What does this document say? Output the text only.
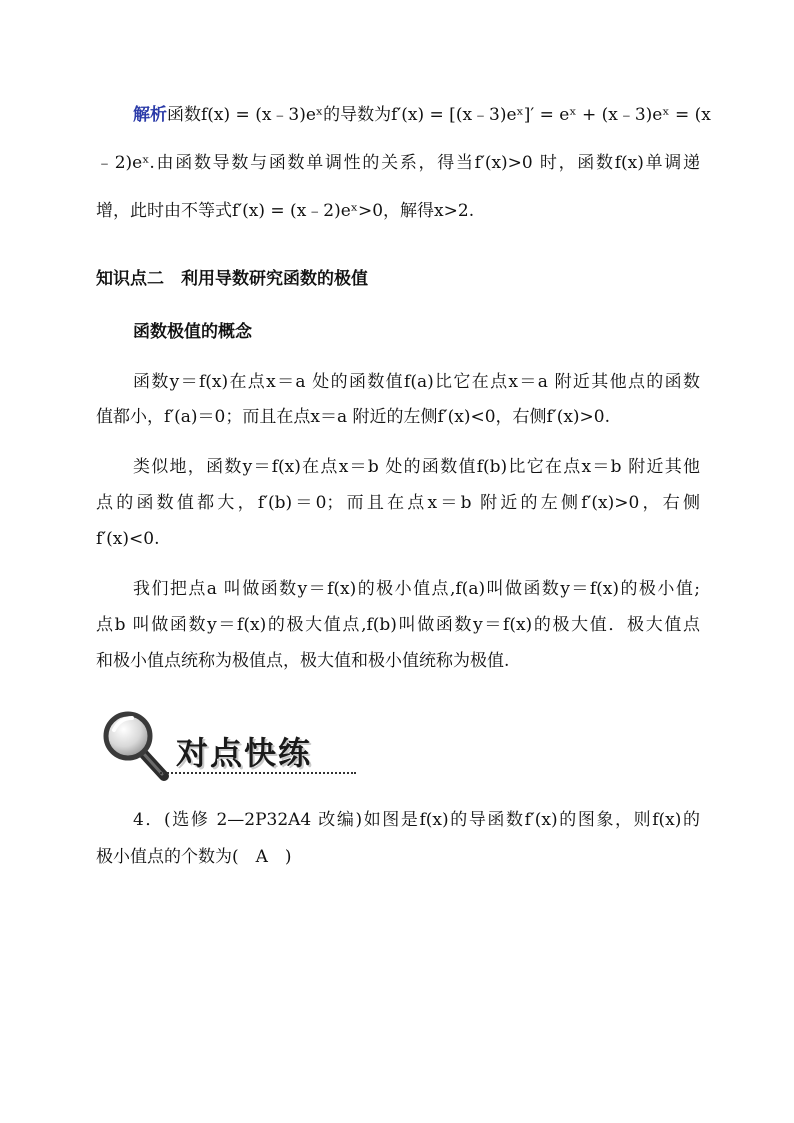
解析函数f(x) = (x﹣3)eˣ的导数为f′(x) = [(x﹣3)eˣ]′ = eˣ + (x﹣3)eˣ = (x
﹣2)eˣ.由函数导数与函数单调性的关系，得当f′(x)>0 时，函数f(x)单调递
增，此时由不等式f′(x) = (x﹣2)eˣ>0，解得x>2.
知识点二　利用导数研究函数的极值
函数极值的概念
函数y＝f(x)在点x＝a 处的函数值f(a)比它在点x＝a 附近其他点的函数
值都小，f′(a)＝0；而且在点x＝a 附近的左侧f′(x)<0，右侧f′(x)>0.
类似地，函数y＝f(x)在点x＝b 处的函数值f(b)比它在点x＝b 附近其他
点的函数值都大，f′(b)＝0；而且在点x＝b 附近的左侧f′(x)>0，右侧
f′(x)<0.
我们把点a 叫做函数y＝f(x)的极小值点,f(a)叫做函数y＝f(x)的极小值;
点b 叫做函数y＝f(x)的极大值点,f(b)叫做函数y＝f(x)的极大值．极大值点
和极小值点统称为极值点，极大值和极小值统称为极值.
对点快练
4．(选修 2—2P32A4 改编)如图是f(x)的导函数f′(x)的图象，则f(x)的
极小值点的个数为(　A　)
